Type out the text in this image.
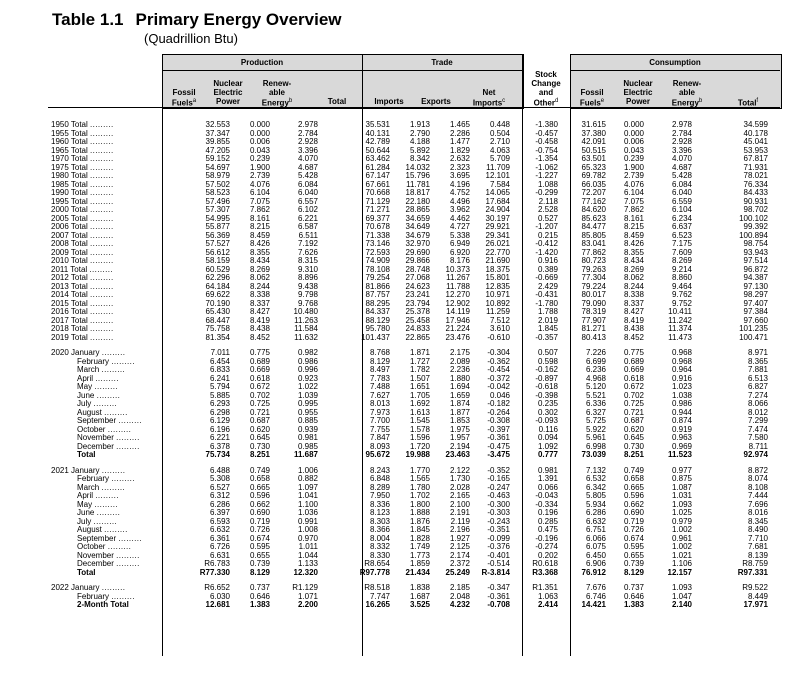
Table 1.1 Primary Energy Overview
(Quadrillion Btu)
Production	Trade	Consumption
Fossil
Fuels$^a$
Nuclear
Electric
Power
Renew-
able
Energy$^b$	Total	Imports	Exports
Net
Imports$^c$
Stock
Change
and
Other$^d$
Fossil
Fuels$^e$
Nuclear
Electric
Power
Renew-
able
Energy$^b$	Total$^f$
1950 Total .........	32.553	0.000	2.978	35.531	1.913	1.465	0.448	-1.380	31.615	0.000	2.978	34.599
1955 Total .........	37.347	0.000	2.784	40.131	2.790	2.286	0.504	-0.457	37.380	0.000	2.784	40.178
1960 Total .........	39.855	0.006	2.928	42.789	4.188	1.477	2.710	-0.458	42.091	0.006	2.928	45.041
1965 Total .........	47.205	0.043	3.396	50.644	5.892	1.829	4.063	-0.754	50.515	0.043	3.396	53.953
1970 Total .........	59.152	0.239	4.070	63.462	8.342	2.632	5.709	-1.354	63.501	0.239	4.070	67.817
1975 Total .........	54.697	1.900	4.687	61.284	14.032	2.323	11.709	-1.062	65.323	1.900	4.687	71.931
1980 Total .........	58.979	2.739	5.428	67.147	15.796	3.695	12.101	-1.227	69.782	2.739	5.428	78.021
1985 Total .........	57.502	4.076	6.084	67.661	11.781	4.196	7.584	1.088	66.035	4.076	6.084	76.334
1990 Total .........	58.523	6.104	6.040	70.668	18.817	4.752	14.065	-0.299	72.207	6.104	6.040	84.433
1995 Total .........	57.496	7.075	6.557	71.129	22.180	4.496	17.684	2.118	77.162	7.075	6.559	90.931
2000 Total .........	57.307	7.862	6.102	71.271	28.865	3.962	24.904	2.528	84.620	7.862	6.104	98.702
2005 Total .........	54.995	8.161	6.221	69.377	34.659	4.462	30.197	0.527	85.623	8.161	6.234	100.102
2006 Total .........	55.877	8.215	6.587	70.678	34.649	4.727	29.921	-1.207	84.477	8.215	6.637	99.392
2007 Total .........	56.369	8.459	6.511	71.338	34.679	5.338	29.341	0.215	85.805	8.459	6.523	100.894
2008 Total .........	57.527	8.426	7.192	73.146	32.970	6.949	26.021	-0.412	83.041	8.426	7.175	98.754
2009 Total .........	56.612	8.355	7.626	72.593	29.690	6.920	22.770	-1.420	77.862	8.355	7.609	93.943
2010 Total .........	58.159	8.434	8.315	74.909	29.866	8.176	21.690	0.916	80.723	8.434	8.269	97.514
2011 Total .........	60.529	8.269	9.310	78.108	28.748	10.373	18.375	0.389	79.263	8.269	9.214	96.872
2012 Total .........	62.296	8.062	8.896	79.254	27.068	11.267	15.801	-0.669	77.304	8.062	8.860	94.387
2013 Total .........	64.184	8.244	9.438	81.866	24.623	11.788	12.835	2.429	79.224	8.244	9.464	97.130
2014 Total .........	69.622	8.338	9.798	87.757	23.241	12.270	10.971	-0.431	80.017	8.338	9.762	98.297
2015 Total .........	70.190	8.337	9.768	88.295	23.794	12.902	10.892	-1.780	79.090	8.337	9.752	97.407
2016 Total .........	65.430	8.427	10.480	84.337	25.378	14.119	11.259	1.788	78.319	8.427	10.411	97.384
2017 Total .........	68.447	8.419	11.263	88.129	25.458	17.946	7.512	2.019	77.907	8.419	11.242	97.660
2018 Total .........	75.758	8.438	11.584	95.780	24.833	21.224	3.610	1.845	81.271	8.438	11.374	101.235
2019 Total .........	81.354	8.452	11.632	101.437	22.865	23.476	-0.610	-0.357	80.413	8.452	11.473	100.471

2020 January .........	7.011	0.775	0.982	8.768	1.871	2.175	-0.304	0.507	7.226	0.775	0.968	8.971
February .........	6.454	0.689	0.986	8.129	1.727	2.089	-0.362	0.598	6.699	0.689	0.968	8.365
March .........	6.833	0.669	0.996	8.497	1.782	2.236	-0.454	-0.162	6.236	0.669	0.964	7.881
April .........	6.241	0.618	0.923	7.783	1.507	1.880	-0.372	-0.897	4.968	0.618	0.916	6.513
May .........	5.794	0.672	1.022	7.488	1.651	1.694	-0.042	-0.618	5.120	0.672	1.023	6.827
June .........	5.885	0.702	1.039	7.627	1.705	1.659	0.046	-0.398	5.521	0.702	1.038	7.274
July .........	6.293	0.725	0.995	8.013	1.692	1.874	-0.182	0.235	6.336	0.725	0.986	8.066
August .........	6.298	0.721	0.955	7.973	1.613	1.877	-0.264	0.302	6.327	0.721	0.944	8.012
September .........	6.129	0.687	0.885	7.700	1.545	1.853	-0.308	-0.093	5.725	0.687	0.874	7.299
October .........	6.196	0.620	0.939	7.755	1.578	1.975	-0.397	0.116	5.922	0.620	0.919	7.474
November .........	6.221	0.645	0.981	7.847	1.596	1.957	-0.361	0.094	5.961	0.645	0.963	7.580
December .........	6.378	0.730	0.985	8.093	1.720	2.194	-0.475	1.092	6.998	0.730	0.969	8.711
Total	75.734	8.251	11.687	95.672	19.988	23.463	-3.475	0.777	73.039	8.251	11.523	92.974

2021 January .........	6.488	0.749	1.006	8.243	1.770	2.122	-0.352	0.981	7.132	0.749	0.977	8.872
February .........	5.308	0.658	0.882	6.848	1.565	1.730	-0.165	1.391	6.532	0.658	0.875	8.074
March .........	6.527	0.665	1.097	8.289	1.780	2.028	-0.247	0.066	6.342	0.665	1.087	8.108
April .........	6.312	0.596	1.041	7.950	1.702	2.165	-0.463	-0.043	5.805	0.596	1.031	7.444
May .........	6.286	0.662	1.100	8.336	1.800	2.100	-0.300	-0.334	5.934	0.662	1.093	7.696
June .........	6.397	0.690	1.036	8.123	1.888	2.191	-0.303	0.196	6.286	0.690	1.025	8.016
July .........	6.593	0.719	0.991	8.303	1.876	2.119	-0.243	0.285	6.632	0.719	0.979	8.345
August .........	6.632	0.726	1.008	8.366	1.845	2.196	-0.351	0.475	6.751	0.726	1.002	8.490
September .........	6.361	0.674	0.970	8.004	1.828	1.927	-0.099	-0.196	6.066	0.674	0.961	7.710
October .........	6.726	0.595	1.011	8.332	1.749	2.125	-0.376	-0.274	6.075	0.595	1.002	7.681
November .........	6.631	0.655	1.044	8.330	1.773	2.174	-0.401	0.202	6.450	0.655	1.021	8.139
December .........	R6.783	0.739	1.133	R8.654	1.859	2.372	-0.514	R0.618	6.906	0.739	1.106	R8.759
Total	R77.330	8.129	12.320	R97.778	21.434	25.249	R-3.814	R3.368	76.912	8.129	12.157	R97.331

2022 January .........	R6.652	0.737	R1.129	R8.518	1.838	2.185	-0.347	R1.351	7.676	0.737	1.093	R9.522
February .........	6.030	0.646	1.071	7.747	1.687	2.048	-0.361	1.063	6.746	0.646	1.047	8.449
2-Month Total	12.681	1.383	2.200	16.265	3.525	4.232	-0.708	2.414	14.421	1.383	2.140	17.971
